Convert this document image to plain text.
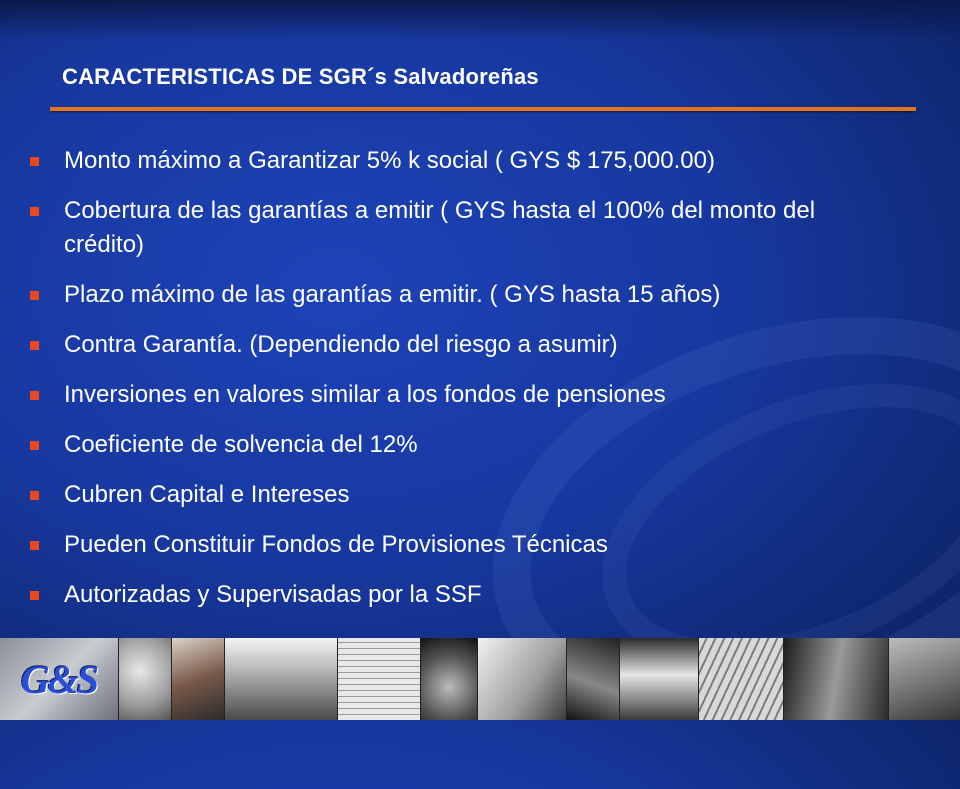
CARACTERISTICAS DE SGR´s Salvadoreñas
Monto máximo a Garantizar 5% k social ( GYS $ 175,000.00)
Cobertura de las garantías a emitir ( GYS hasta el 100% del monto del crédito)
Plazo máximo de las garantías a emitir. ( GYS hasta 15 años)
Contra Garantía. (Dependiendo del riesgo a asumir)
Inversiones en valores similar a los fondos de pensiones
Coeficiente de solvencia del 12%
Cubren Capital e Intereses
Pueden Constituir Fondos de Provisiones Técnicas
Autorizadas y Supervisadas por la SSF
G&S
